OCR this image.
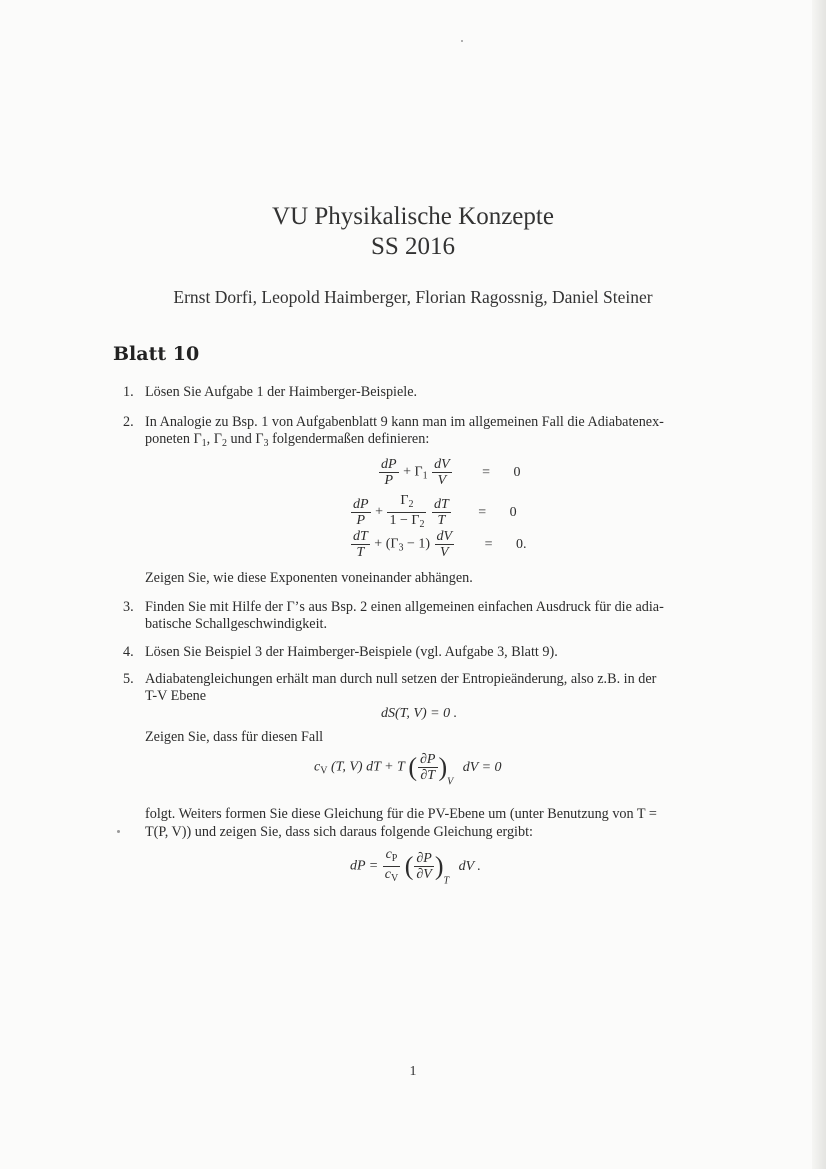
VU Physikalische Konzepte
SS 2016
Ernst Dorfi, Leopold Haimberger, Florian Ragossnig, Daniel Steiner
Blatt 10
1. Lösen Sie Aufgabe 1 der Haimberger-Beispiele.
2. In Analogie zu Bsp. 1 von Aufgabenblatt 9 kann man im allgemeinen Fall die Adiabatenex-
poneten $\Gamma_1$, $\Gamma_2$ und $\Gamma_3$ folgendermaßen definieren:
$\frac{dP}{P} + \Gamma_1 \frac{dV}{V} = 0$
$\frac{dP}{P} + \frac{\Gamma_2}{1 - \Gamma_2}$
$\frac{dT}{T} = 0$
$\frac{dT}{T} + (\Gamma_3 - 1) \frac{dV}{V} = 0$.
Zeigen Sie, wie diese Exponenten voneinander abhängen.
3. Finden Sie mit Hilfe der Γ’s aus Bsp. 2 einen allgemeinen einfachen Ausdruck für die adia-
batische Schallgeschwindigkeit.
4. Lösen Sie Beispiel 3 der Haimberger-Beispiele (vgl. Aufgabe 3, Blatt 9).
5. Adiabatengleichungen erhält man durch null setzen der Entropieänderung, also z.B. in der
T-V Ebene
dS(T, V) = 0 .
Zeigen Sie, dass für diesen Fall
$c_V$ (T, V) dT + T ( $\frac{\partial P}{\partial T} )_V$ dV = 0
folgt. Weiters formen Sie diese Gleichung für die PV-Ebene um (unter Benutzung von T =
T(P, V)) und zeigen Sie, dass sich daraus folgende Gleichung ergibt:
dP = $\frac{c_P}{c_V}$ ( $\frac{\partial P}{\partial V} )_T$ dV .
1
